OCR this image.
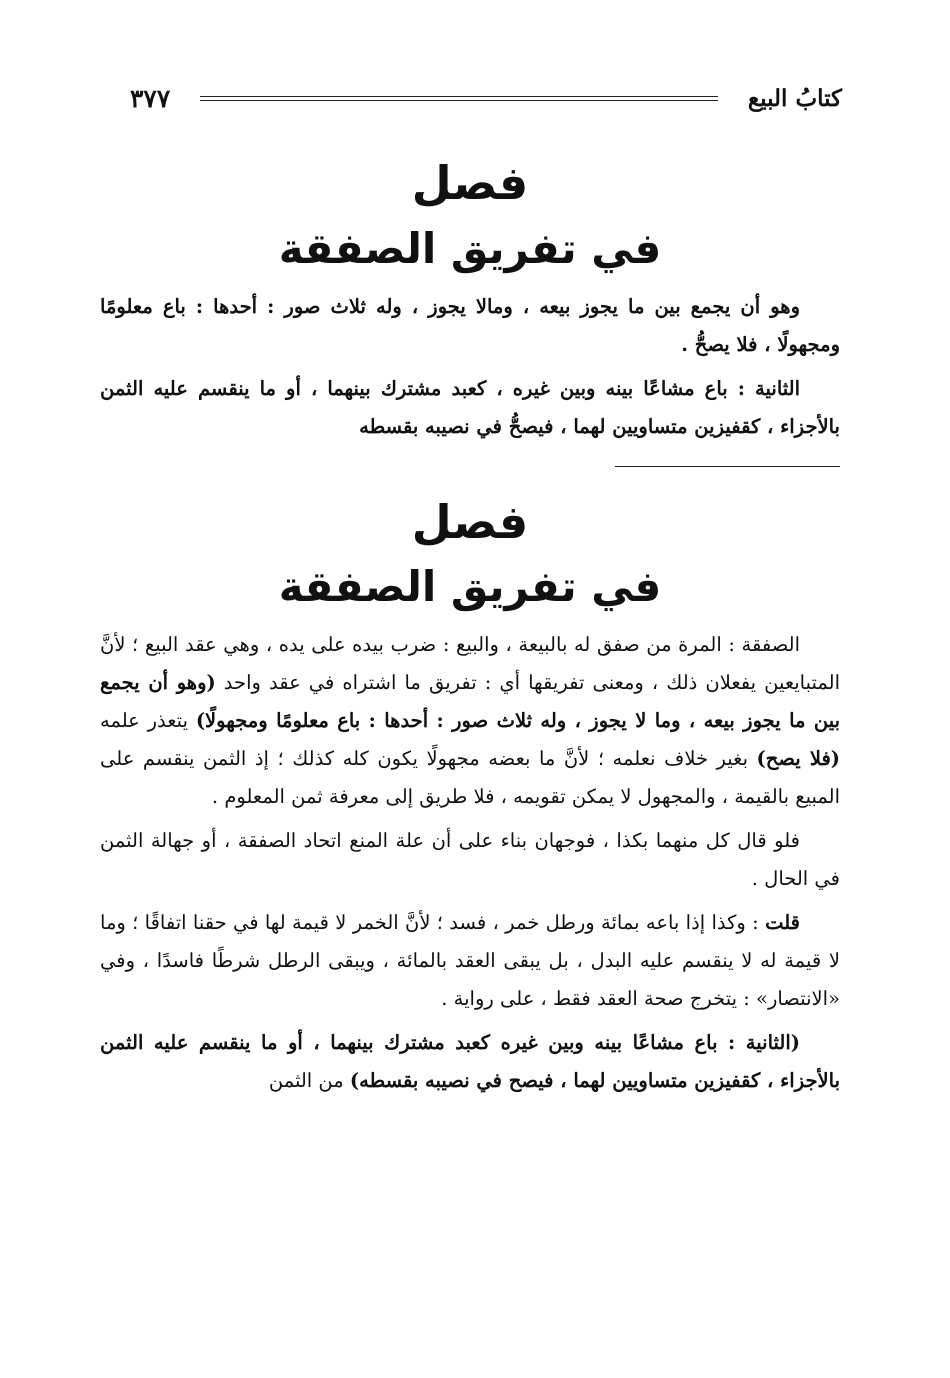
كتابُ البيع
٣٧٧
فصل
في تفريق الصفقة

وهو أن يجمع بين ما يجوز بيعه ، ومالا يجوز ، وله ثلاث صور : أحدها : باع معلومًا ومجهولًا ، فلا يصحُّ .

الثانية : باع مشاعًا بينه وبين غيره ، كعبد مشترك بينهما ، أو ما ينقسم عليه الثمن بالأجزاء ، كقفيزين متساويين لهما ، فيصحُّ في نصيبه بقسطه

فصل
في تفريق الصفقة

الصفقة : المرة من صفق له بالبيعة ، والبيع : ضرب بيده على يده ، وهي عقد البيع ؛ لأنَّ المتبايعين يفعلان ذلك ، ومعنى تفريقها أي : تفريق ما اشتراه في عقد واحد (وهو أن يجمع بين ما يجوز بيعه ، وما لا يجوز ، وله ثلاث صور : أحدها : باع معلومًا ومجهولًا) يتعذر علمه (فلا يصح) بغير خلاف نعلمه ؛ لأنَّ ما بعضه مجهولًا يكون كله كذلك ؛ إذ الثمن ينقسم على المبيع بالقيمة ، والمجهول لا يمكن تقويمه ، فلا طريق إلى معرفة ثمن المعلوم .

فلو قال كل منهما بكذا ، فوجهان بناء على أن علة المنع اتحاد الصفقة ، أو جهالة الثمن في الحال .

قلت : وكذا إذا باعه بمائة ورطل خمر ، فسد ؛ لأنَّ الخمر لا قيمة لها في حقنا اتفاقًا ؛ وما لا قيمة له لا ينقسم عليه البدل ، بل يبقى العقد بالمائة ، ويبقى الرطل شرطًا فاسدًا ، وفي «الانتصار» : يتخرج صحة العقد فقط ، على رواية .

(الثانية : باع مشاعًا بينه وبين غيره كعبد مشترك بينهما ، أو ما ينقسم عليه الثمن بالأجزاء ، كقفيزين متساويين لهما ، فيصح في نصيبه بقسطه) من الثمن
